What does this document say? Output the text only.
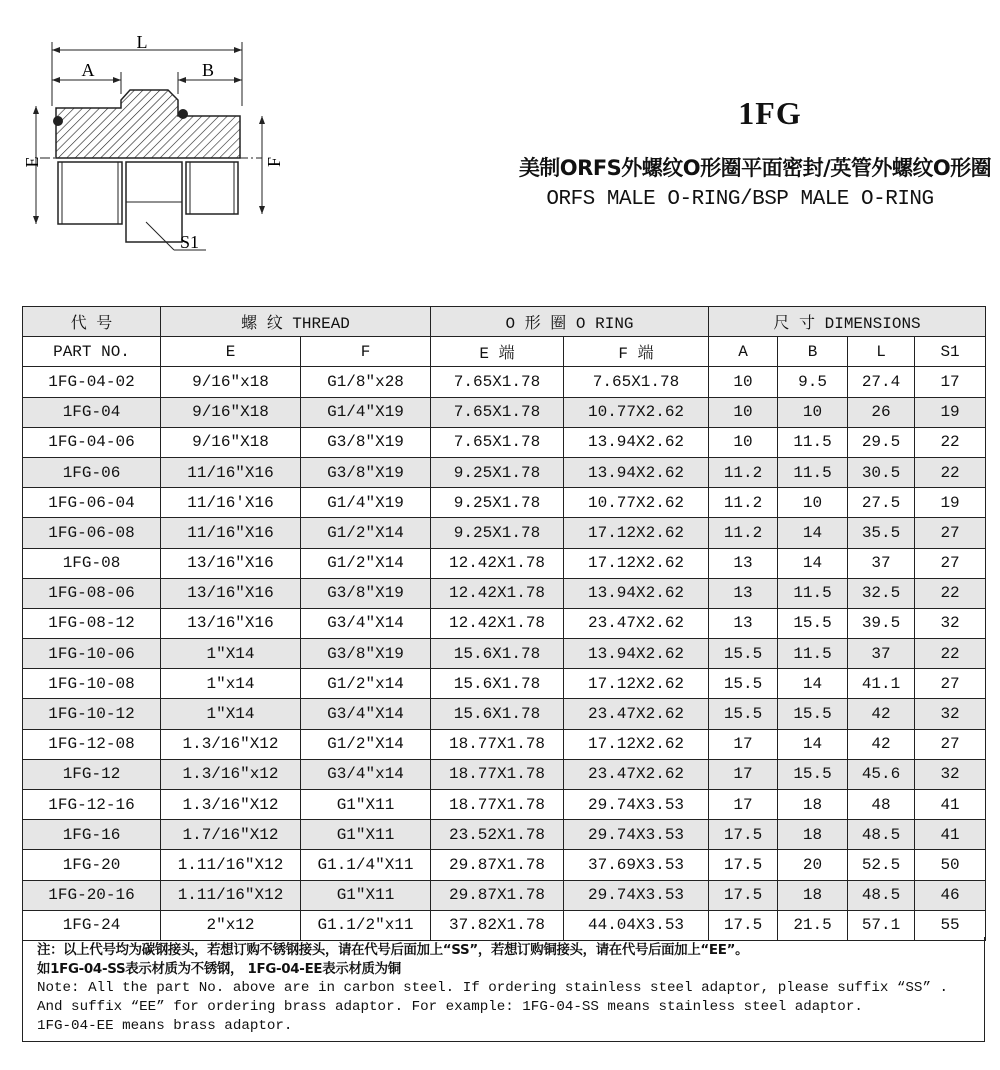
L
A	B
E	F
S1
1FG
美制ORFS外螺纹O形圈平面密封/英管外螺纹O形圈
ORFS MALE O-RING/BSP MALE O-RING
代 号	螺 纹 THREAD		O 形 圈 O RING		尺 寸 DIMENSIONS			
PART NO.	E	F	E 端	F 端	A	B	L	S1
1FG-04-02	9/16″x18	G1/8″x28	7.65X1.78	7.65X1.78	10	9.5	27.4	17
1FG-04	9/16″X18	G1/4″X19	7.65X1.78	10.77X2.62	10	10	26	19
1FG-04-06	9/16″X18	G3/8″X19	7.65X1.78	13.94X2.62	10	11.5	29.5	22
1FG-06	11/16″X16	G3/8″X19	9.25X1.78	13.94X2.62	11.2	11.5	30.5	22
1FG-06-04	11/16′X16	G1/4″X19	9.25X1.78	10.77X2.62	11.2	10	27.5	19
1FG-06-08	11/16″X16	G1/2″X14	9.25X1.78	17.12X2.62	11.2	14	35.5	27
1FG-08	13/16″X16	G1/2″X14	12.42X1.78	17.12X2.62	13	14	37	27
1FG-08-06	13/16″X16	G3/8″X19	12.42X1.78	13.94X2.62	13	11.5	32.5	22
1FG-08-12	13/16″X16	G3/4″X14	12.42X1.78	23.47X2.62	13	15.5	39.5	32
1FG-10-06	1″X14	G3/8″X19	15.6X1.78	13.94X2.62	15.5	11.5	37	22
1FG-10-08	1″x14	G1/2″x14	15.6X1.78	17.12X2.62	15.5	14	41.1	27
1FG-10-12	1″X14	G3/4″X14	15.6X1.78	23.47X2.62	15.5	15.5	42	32
1FG-12-08	1.3/16″X12	G1/2″X14	18.77X1.78	17.12X2.62	17	14	42	27
1FG-12	1.3/16″x12	G3/4″x14	18.77X1.78	23.47X2.62	17	15.5	45.6	32
1FG-12-16	1.3/16″X12	G1″X11	18.77X1.78	29.74X3.53	17	18	48	41
1FG-16	1.7/16″X12	G1″X11	23.52X1.78	29.74X3.53	17.5	18	48.5	41
1FG-20	1.11/16″X12	G1.1/4″X11	29.87X1.78	37.69X3.53	17.5	20	52.5	50
1FG-20-16	1.11/16″X12	G1″X11	29.87X1.78	29.74X3.53	17.5	18	48.5	46
1FG-24	2″x12	G1.1/2″x11	37.82X1.78	44.04X3.53	17.5	21.5	57.1	55
注：以上代号均为碳钢接头，若想订购不锈钢接头，请在代号后面加上“SS”，若想订购铜接头，请在代号后面加上“EE”。
如1FG-04-SS表示材质为不锈钢， 1FG-04-EE表示材质为铜
Note: All the part No. above are in carbon steel. If ordering stainless steel adaptor, please suffix “SS” .
And suffix “EE” for ordering brass adaptor. For example: 1FG-04-SS means stainless steel adaptor.
1FG-04-EE means brass adaptor.
